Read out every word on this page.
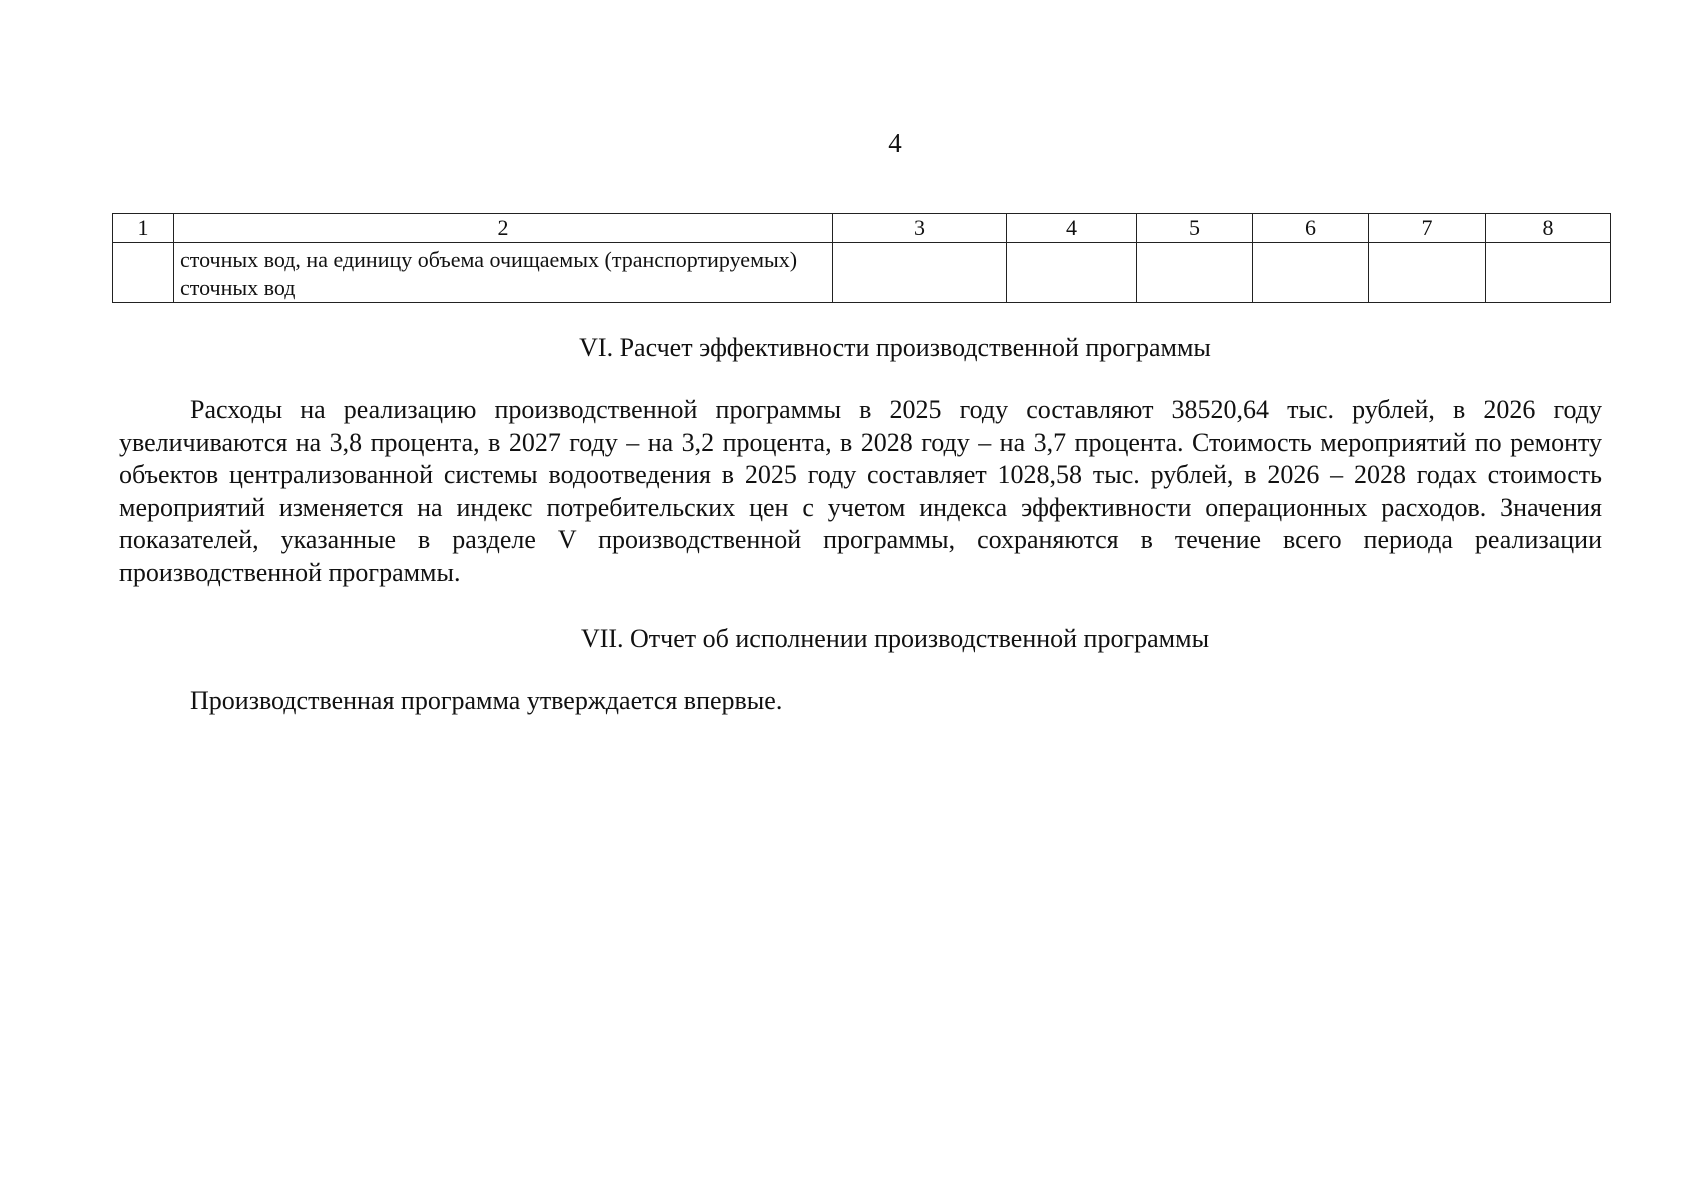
4
1	2	3	4	5	6	7	8
	сточных вод, на единицу объема очищаемых (транспортируемых) сточных вод						
VI. Расчет эффективности производственной программы
Расходы на реализацию производственной программы в 2025 году составляют 38520,64 тыс. рублей, в 2026 году увеличиваются на 3,8 процента, в 2027 году – на 3,2 процента, в 2028 году – на 3,7 процента. Стоимость мероприятий по ремонту объектов централизованной системы водоотведения в 2025 году составляет 1028,58 тыс. рублей, в 2026 – 2028 годах стоимость мероприятий изменяется на индекс потребительских цен с учетом индекса эффективности операционных расходов. Значения показателей, указанные в разделе V производственной программы, сохраняются в течение всего периода реализации производственной программы.
VII. Отчет об исполнении производственной программы
Производственная программа утверждается впервые.
